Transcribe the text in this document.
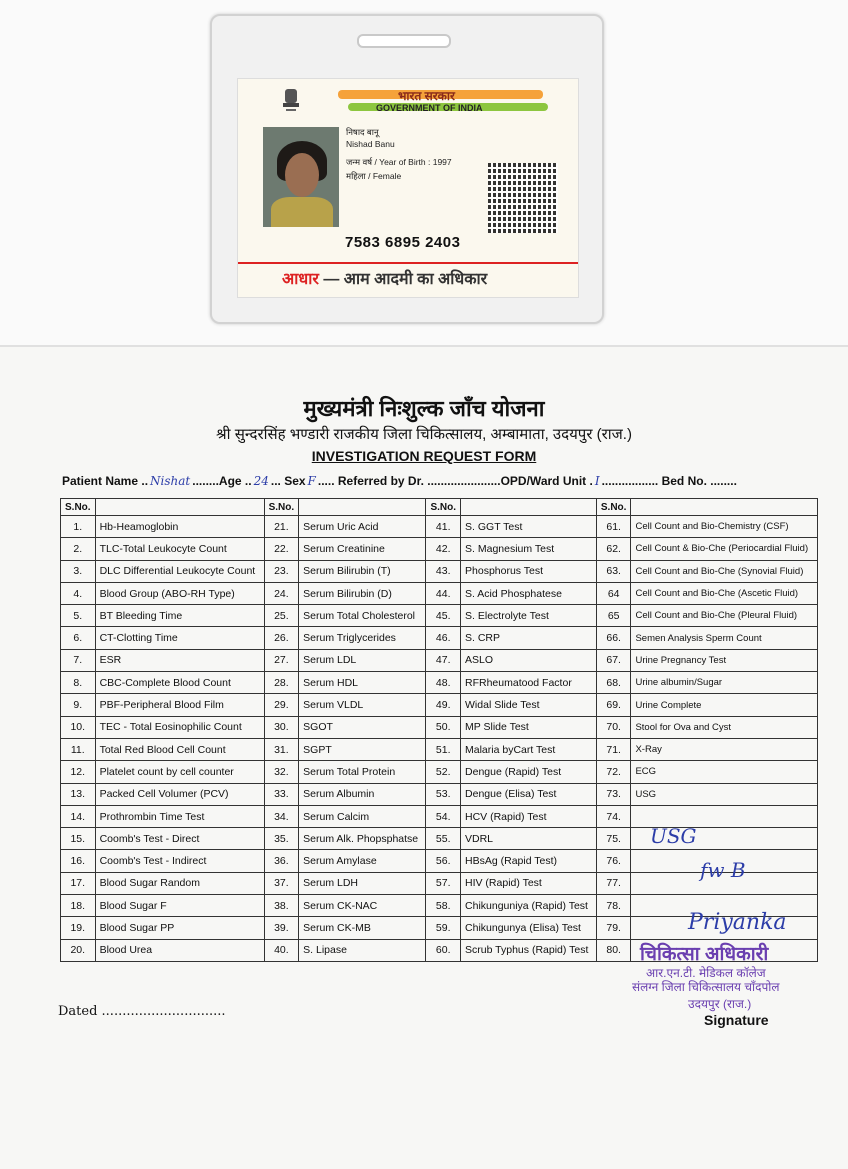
भारत सरकार
GOVERNMENT OF INDIA
निषाद बानू
Nishad Banu
जन्म वर्ष / Year of Birth : 1997
महिला / Female
7583 6895 2403
आधार — आम आदमी का अधिकार
मुख्यमंत्री निःशुल्क जाँच योजना
श्री सुन्दरसिंह भण्डारी राजकीय जिला चिकित्सालय, अम्बामाता, उदयपुर (राज.)
INVESTIGATION REQUEST FORM
Patient Name .. Nishat ........Age .. 24 ... Sex F ..... Referred by Dr. ......................OPD/Ward Unit . I ................. Bed No. ........
S.No.		S.No.		S.No.		S.No.	
1.	Hb-Heamoglobin	21.	Serum Uric Acid	41.	S. GGT Test	61.	Cell Count and Bio-Chemistry (CSF)
2.	TLC-Total Leukocyte Count	22.	Serum Creatinine	42.	S. Magnesium Test	62.	Cell Count & Bio-Che (Periocardial Fluid)
3.	DLC Differential Leukocyte Count	23.	Serum Bilirubin (T)	43.	Phosphorus Test	63.	Cell Count and Bio-Che (Synovial Fluid)
4.	Blood Group (ABO-RH Type)	24.	Serum Bilirubin (D)	44.	S. Acid Phosphatese	64	Cell Count and Bio-Che (Ascetic Fluid)
5.	BT Bleeding Time	25.	Serum Total Cholesterol	45.	S. Electrolyte Test	65	Cell Count and Bio-Che (Pleural Fluid)
6.	CT-Clotting Time	26.	Serum Triglycerides	46.	S. CRP	66.	Semen Analysis Sperm Count
7.	ESR	27.	Serum LDL	47.	ASLO	67.	Urine Pregnancy Test
8.	CBC-Complete Blood Count	28.	Serum HDL	48.	RFRheumatood Factor	68.	Urine albumin/Sugar
9.	PBF-Peripheral Blood Film	29.	Serum VLDL	49.	Widal Slide Test	69.	Urine Complete
10.	TEC - Total Eosinophilic Count	30.	SGOT	50.	MP Slide Test	70.	Stool for Ova and Cyst
11.	Total Red Blood Cell Count	31.	SGPT	51.	Malaria byCart Test	71.	X-Ray
12.	Platelet count by cell counter	32.	Serum Total Protein	52.	Dengue (Rapid) Test	72.	ECG
13.	Packed Cell Volumer (PCV)	33.	Serum Albumin	53.	Dengue (Elisa) Test	73.	USG
14.	Prothrombin Time Test	34.	Serum Calcim	54.	HCV (Rapid) Test	74.	
15.	Coomb's Test - Direct	35.	Serum Alk. Phopsphatse	55.	VDRL	75.	
16.	Coomb's Test - Indirect	36.	Serum Amylase	56.	HBsAg (Rapid Test)	76.	
17.	Blood Sugar Random	37.	Serum LDH	57.	HIV (Rapid) Test	77.	
18.	Blood Sugar F	38.	Serum CK-NAC	58.	Chikunguniya (Rapid) Test	78.	
19.	Blood Sugar PP	39.	Serum CK-MB	59.	Chikungunya (Elisa) Test	79.	
20.	Blood Urea	40.	S. Lipase	60.	Scrub Typhus (Rapid) Test	80.	
USG
fw B
Priyanka
चिकित्सा अधिकारी
आर.एन.टी. मेडिकल कॉलेज
संलग्न जिला चिकित्सालय चाँदपोल
उदयपुर (राज.)
Signature
Dated ..............................
